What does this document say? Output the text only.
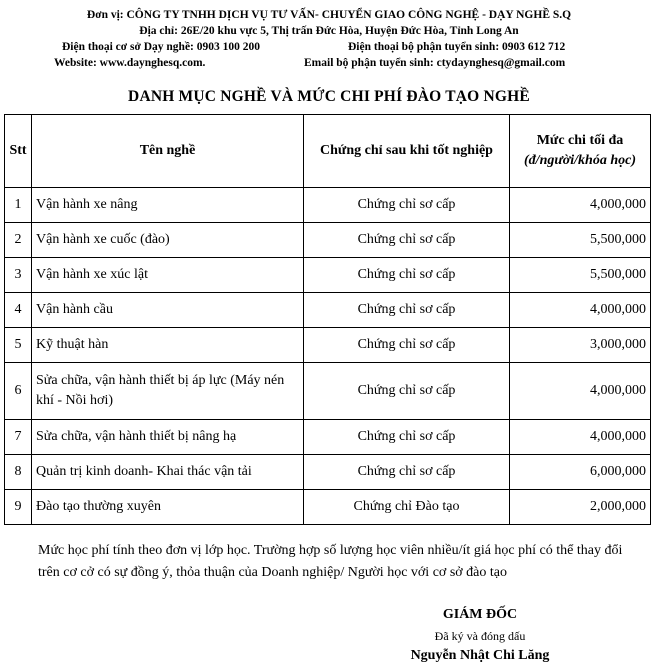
Đơn vị: CÔNG TY TNHH DỊCH VỤ TƯ VẤN- CHUYỂN GIAO CÔNG NGHỆ - DẠY NGHỀ S.Q
Địa chỉ: 26E/20 khu vực 5, Thị trấn Đức Hòa, Huyện Đức Hòa, Tỉnh Long An
Điện thoại cơ sở Dạy nghề: 0903 100 200	Điện thoại bộ phận tuyển sinh: 0903 612 712
Website: www.daynghesq.com.	Email bộ phận tuyển sinh: ctydaynghesq@gmail.com
DANH MỤC NGHỀ VÀ MỨC CHI PHÍ ĐÀO TẠO NGHỀ
Stt	Tên nghề	Chứng chỉ sau khi tốt nghiệp	Mức chi tối đa
(đ/người/khóa học)

1	Vận hành xe nâng	Chứng chỉ sơ cấp	4,000,000
2	Vận hành xe cuốc (đào)	Chứng chỉ sơ cấp	5,500,000
3	Vận hành xe xúc lật	Chứng chỉ sơ cấp	5,500,000
4	Vận hành cầu	Chứng chỉ sơ cấp	4,000,000
5	Kỹ thuật hàn	Chứng chỉ sơ cấp	3,000,000
6	Sửa chữa, vận hành thiết bị áp lực (Máy nén khí - Nồi hơi)	Chứng chỉ sơ cấp	4,000,000
7	Sửa chữa, vận hành thiết bị nâng hạ	Chứng chỉ sơ cấp	4,000,000
8	Quản trị kinh doanh- Khai thác vận tải	Chứng chỉ sơ cấp	6,000,000
9	Đào tạo thường xuyên	Chứng chỉ Đào tạo	2,000,000
Mức học phí tính theo đơn vị lớp học. Trường hợp số lượng học viên nhiều/ít giá học phí có thể thay đổi trên cơ cở có sự đồng ý, thỏa thuận của Doanh nghiệp/ Người học với cơ sở đào tạo
GIÁM ĐỐC
Đã ký và đóng dấu
Nguyễn Nhật Chi Lăng
